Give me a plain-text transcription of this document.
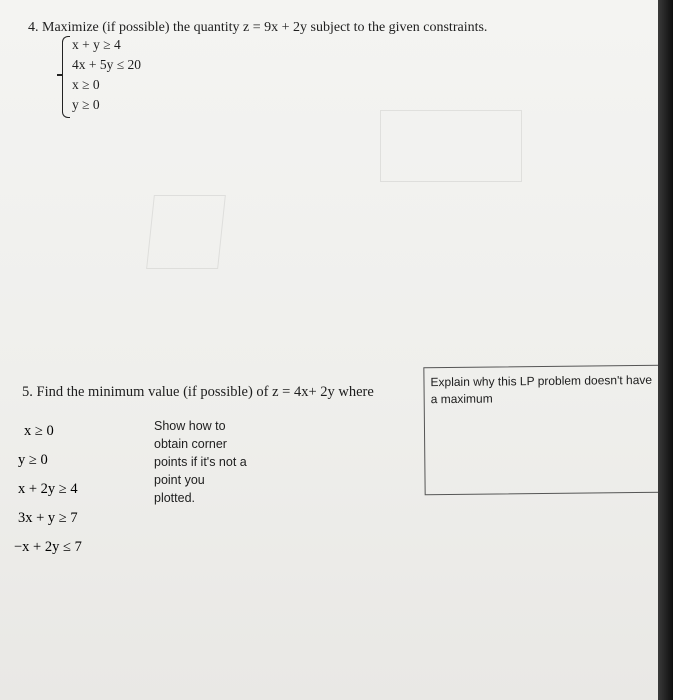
4. Maximize (if possible) the quantity z = 9x + 2y subject to the given constraints.
x + y ≥ 4
4x + 5y ≤ 20
x ≥ 0
y ≥ 0
5. Find the minimum value (if possible) of z = 4x+ 2y where
x ≥ 0
y ≥ 0
x + 2y ≥ 4
3x + y ≥ 7
−x + 2y ≤ 7
Show how to
obtain corner
points if it's not a
point you
plotted.
Explain why this LP problem doesn't have a maximum
